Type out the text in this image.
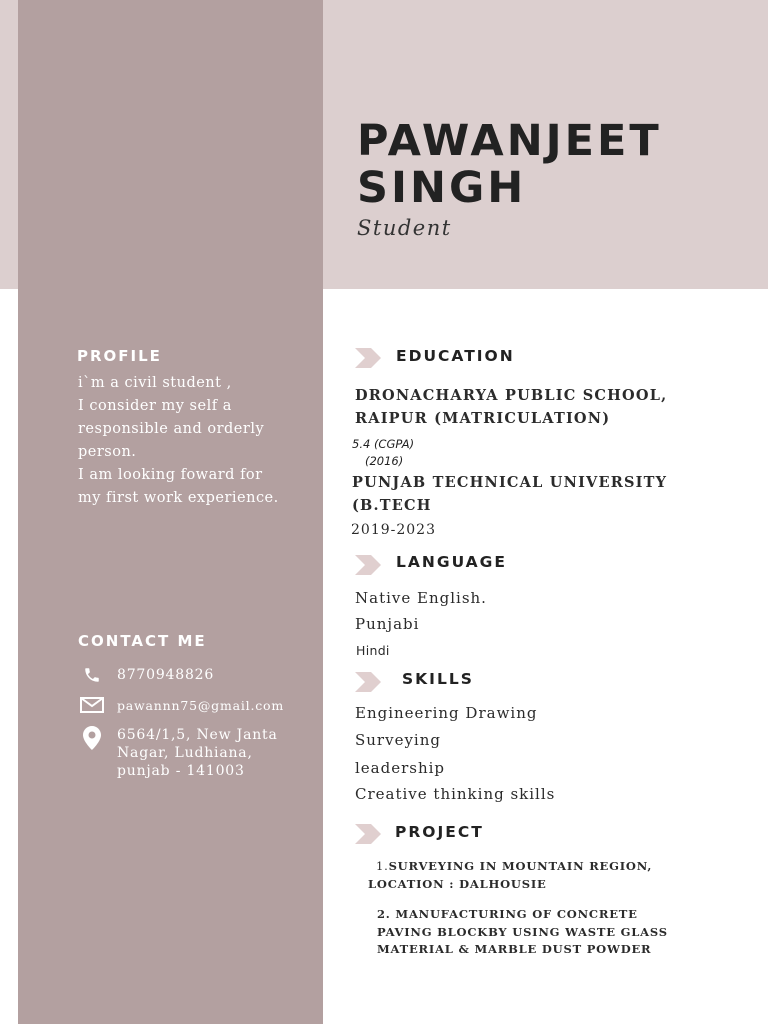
PAWANJEET
SINGH
Student
PROFILE
i`m a civil student ,
I consider my self a responsible and orderly person.
I am looking foward for my first work experience.
CONTACT ME
8770948826
pawannn75@gmail.com
6564/1,5, New Janta Nagar, Ludhiana, punjab - 141003
EDUCATION
DRONACHARYA PUBLIC SCHOOL, RAIPUR (MATRICULATION)
5.4 (CGPA)
(2016)
PUNJAB TECHNICAL UNIVERSITY (B.TECH
2019-2023
LANGUAGE
Native English.
Punjabi
Hindi
SKILLS
Engineering Drawing
Surveying
leadership
Creative thinking skills
PROJECT
1.SURVEYING IN MOUNTAIN REGION,
LOCATION : DALHOUSIE
2. MANUFACTURING OF CONCRETE PAVING BLOCKBY USING WASTE GLASS MATERIAL & MARBLE DUST POWDER
